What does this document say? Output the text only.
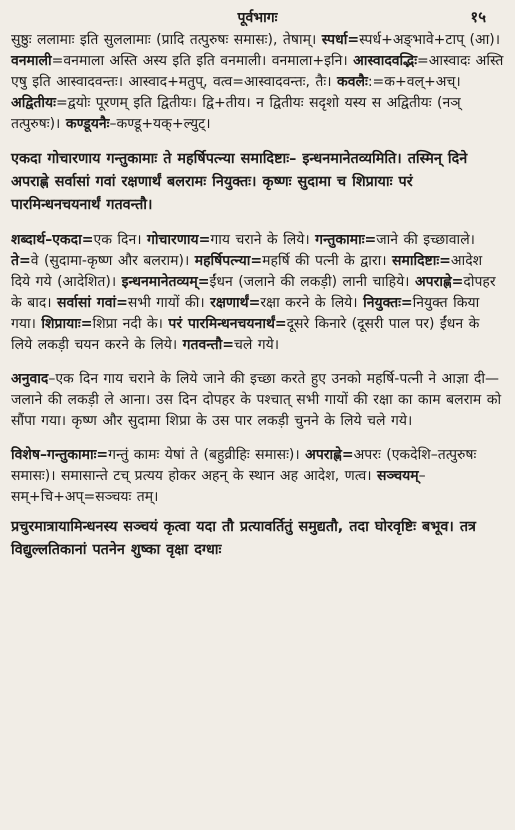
पूर्वभागः	१५

सुष्ठुः ललामाः इति सुललामाः (प्रादि तत्पुरुषः समासः), तेषाम्। स्पर्धा=स्पर्ध+अङ्भावे+टाप् (आ)। वनमाली=वनमाला अस्ति अस्य इति इति वनमाली। वनमाला+इनि। आस्वादवद्भिः=आस्वादः अस्ति एषु इति आस्वादवन्तः। आस्वाद+मतुप्, वत्व=आस्वादवन्तः, तैः। कवलैः:=क+वल्+अच्। अद्वितीयः=द्वयोः पूरणम् इति द्वितीयः। द्वि+तीय। न द्वितीयः सदृशो यस्य स अद्वितीयः (नञ् तत्पुरुषः)। कण्डूयनैः–कण्डू+यक्+ल्युट्।

एकदा गोचारणाय गन्तुकामाः ते महर्षिपत्न्या समादिष्टाः– इन्धनमानेतव्यमिति। तस्मिन् दिने अपराह्णे सर्वासां गवां रक्षणार्थं बलरामः नियुक्तः। कृष्णः सुदामा च शिप्रायाः परं पारमिन्धनचयनार्थं गतवन्तौ।

शब्दार्थ–एकदा=एक दिन। गोचारणाय=गाय चराने के लिये। गन्तुकामाः=जाने की इच्छावाले। ते=वे (सुदामा-कृष्ण और बलराम)। महर्षिपत्न्या=महर्षि की पत्नी के द्वारा। समादिष्टाः=आदेश दिये गये (आदेशित)। इन्धनमानेतव्यम्=ईंधन (जलाने की लकड़ी) लानी चाहिये। अपराह्णे=दोपहर के बाद। सर्वासां गवां=सभी गायों की। रक्षणार्थं=रक्षा करने के लिये। नियुक्तः=नियुक्त किया गया। शिप्रायाः=शिप्रा नदी के। परं पारमिन्धनचयनार्थं=दूसरे किनारे (दूसरी पाल पर) ईंधन के लिये लकड़ी चयन करने के लिये। गतवन्तौ=चले गये।

अनुवाद–एक दिन गाय चराने के लिये जाने की इच्छा करते हुए उनको महर्षि-पत्नी ने आज्ञा दी—जलाने की लकड़ी ले आना। उस दिन दोपहर के पश्चात् सभी गायों की रक्षा का काम बलराम को सौंपा गया। कृष्ण और सुदामा शिप्रा के उस पार लकड़ी चुनने के लिये चले गये।

विशेष–गन्तुकामाः=गन्तुं कामः येषां ते (बहुव्रीहिः समासः)। अपराह्णे=अपरः (एकदेशि–तत्पुरुषः समासः)। समासान्ते टच् प्रत्यय होकर अहन् के स्थान अह आदेश, णत्व। सञ्चयम्–सम्+चि+अप्=सञ्चयः तम्।

प्रचुरमात्रायामिन्धनस्य सञ्चयं कृत्वा यदा तौ प्रत्यावर्तितुं समुद्यतौ, तदा घोरवृष्टिः बभूव। तत्र विद्युल्लतिकानां पतनेन शुष्का वृक्षा दग्धाः
